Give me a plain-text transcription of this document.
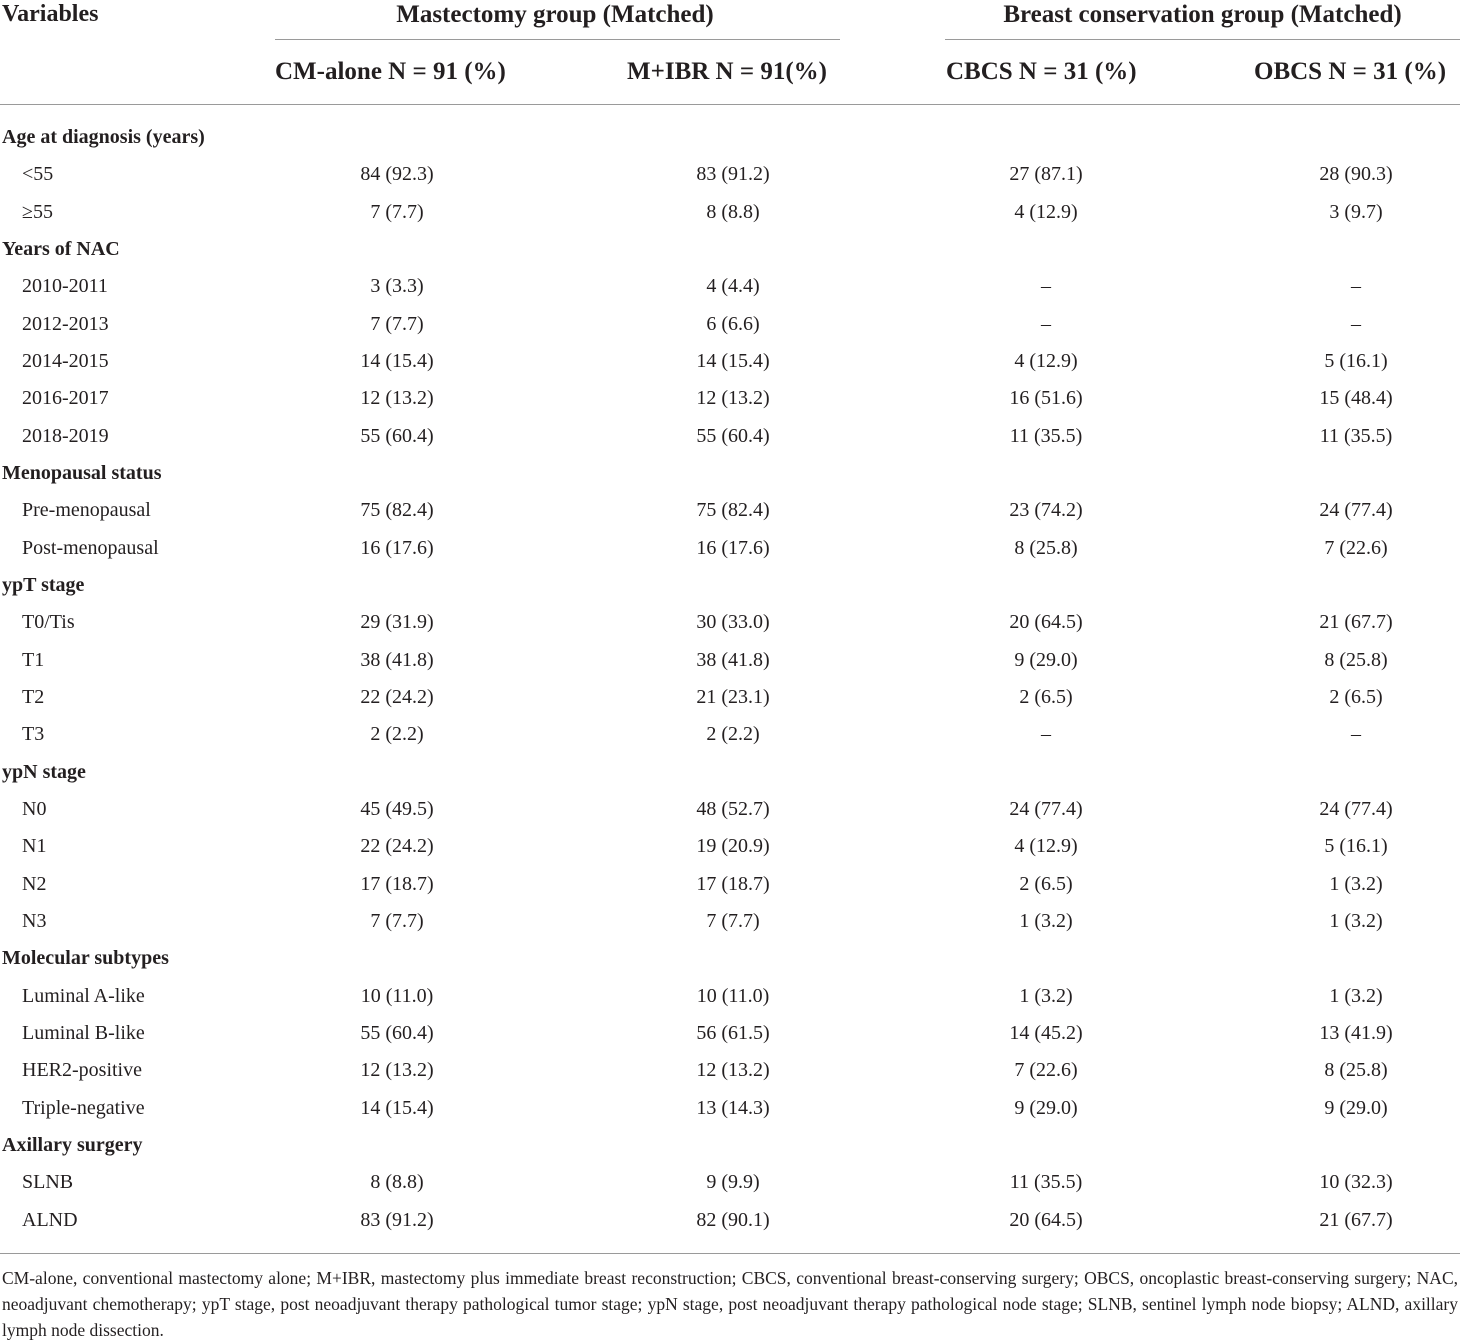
Variables	Mastectomy group (Matched)	Breast conservation group (Matched)
CM-alone N = 91 (%)	M+IBR N = 91(%)	CBCS N = 31 (%)	OBCS N = 31 (%)
Age at diagnosis (years)
<55	84 (92.3)	83 (91.2)	27 (87.1)	28 (90.3)
≥55	7 (7.7)	8 (8.8)	4 (12.9)	3 (9.7)
Years of NAC
2010-2011	3 (3.3)	4 (4.4)	–	–
2012-2013	7 (7.7)	6 (6.6)	–	–
2014-2015	14 (15.4)	14 (15.4)	4 (12.9)	5 (16.1)
2016-2017	12 (13.2)	12 (13.2)	16 (51.6)	15 (48.4)
2018-2019	55 (60.4)	55 (60.4)	11 (35.5)	11 (35.5)
Menopausal status
Pre-menopausal	75 (82.4)	75 (82.4)	23 (74.2)	24 (77.4)
Post-menopausal	16 (17.6)	16 (17.6)	8 (25.8)	7 (22.6)
ypT stage
T0/Tis	29 (31.9)	30 (33.0)	20 (64.5)	21 (67.7)
T1	38 (41.8)	38 (41.8)	9 (29.0)	8 (25.8)
T2	22 (24.2)	21 (23.1)	2 (6.5)	2 (6.5)
T3	2 (2.2)	2 (2.2)	–	–
ypN stage
N0	45 (49.5)	48 (52.7)	24 (77.4)	24 (77.4)
N1	22 (24.2)	19 (20.9)	4 (12.9)	5 (16.1)
N2	17 (18.7)	17 (18.7)	2 (6.5)	1 (3.2)
N3	7 (7.7)	7 (7.7)	1 (3.2)	1 (3.2)
Molecular subtypes
Luminal A-like	10 (11.0)	10 (11.0)	1 (3.2)	1 (3.2)
Luminal B-like	55 (60.4)	56 (61.5)	14 (45.2)	13 (41.9)
HER2-positive	12 (13.2)	12 (13.2)	7 (22.6)	8 (25.8)
Triple-negative	14 (15.4)	13 (14.3)	9 (29.0)	9 (29.0)
Axillary surgery
SLNB	8 (8.8)	9 (9.9)	11 (35.5)	10 (32.3)
ALND	83 (91.2)	82 (90.1)	20 (64.5)	21 (67.7)
CM-alone, conventional mastectomy alone; M+IBR, mastectomy plus immediate breast reconstruction; CBCS, conventional breast-conserving surgery; OBCS, oncoplastic breast-conserving surgery; NAC, neoadjuvant chemotherapy; ypT stage, post neoadjuvant therapy pathological tumor stage; ypN stage, post neoadjuvant therapy pathological node stage; SLNB, sentinel lymph node biopsy; ALND, axillary lymph node dissection.
